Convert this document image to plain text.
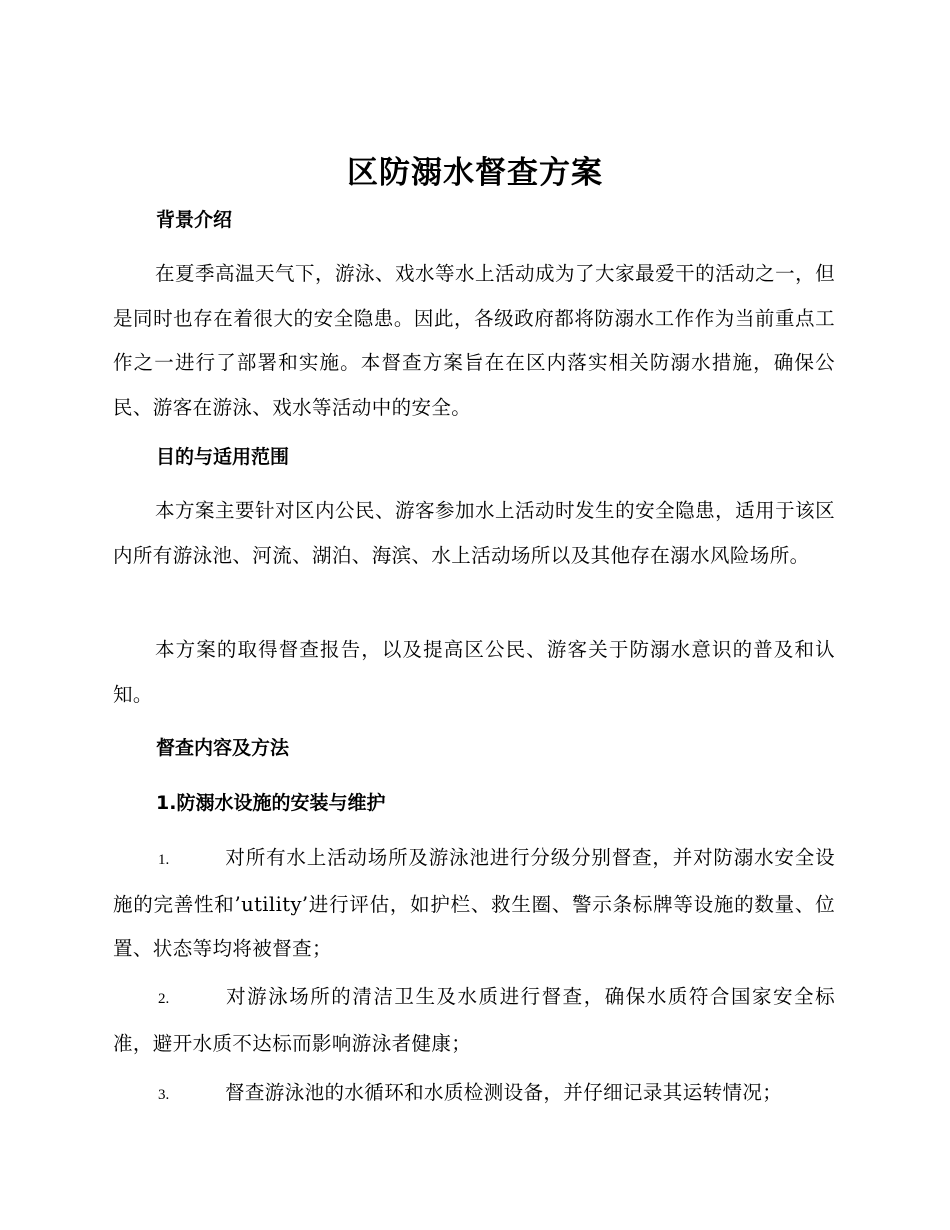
区防溺水督查方案
背景介绍
在夏季高温天气下，游泳、戏水等水上活动成为了大家最爱干的活动之一，但是同时也存在着很大的安全隐患。因此，各级政府都将防溺水工作作为当前重点工作之一进行了部署和实施。本督查方案旨在在区内落实相关防溺水措施，确保公民、游客在游泳、戏水等活动中的安全。
目的与适用范围
本方案主要针对区内公民、游客参加水上活动时发生的安全隐患，适用于该区内所有游泳池、河流、湖泊、海滨、水上活动场所以及其他存在溺水风险场所。
本方案的取得督查报告，以及提高区公民、游客关于防溺水意识的普及和认知。
督查内容及方法
1.防溺水设施的安装与维护
1.	对所有水上活动场所及游泳池进行分级分别督查，并对防溺水安全设施的完善性和’utility’进行评估，如护栏、救生圈、警示条标牌等设施的数量、位置、状态等均将被督查；
2.	对游泳场所的清洁卫生及水质进行督查，确保水质符合国家安全标准，避开水质不达标而影响游泳者健康；
3.	督查游泳池的水循环和水质检测设备，并仔细记录其运转情况；
